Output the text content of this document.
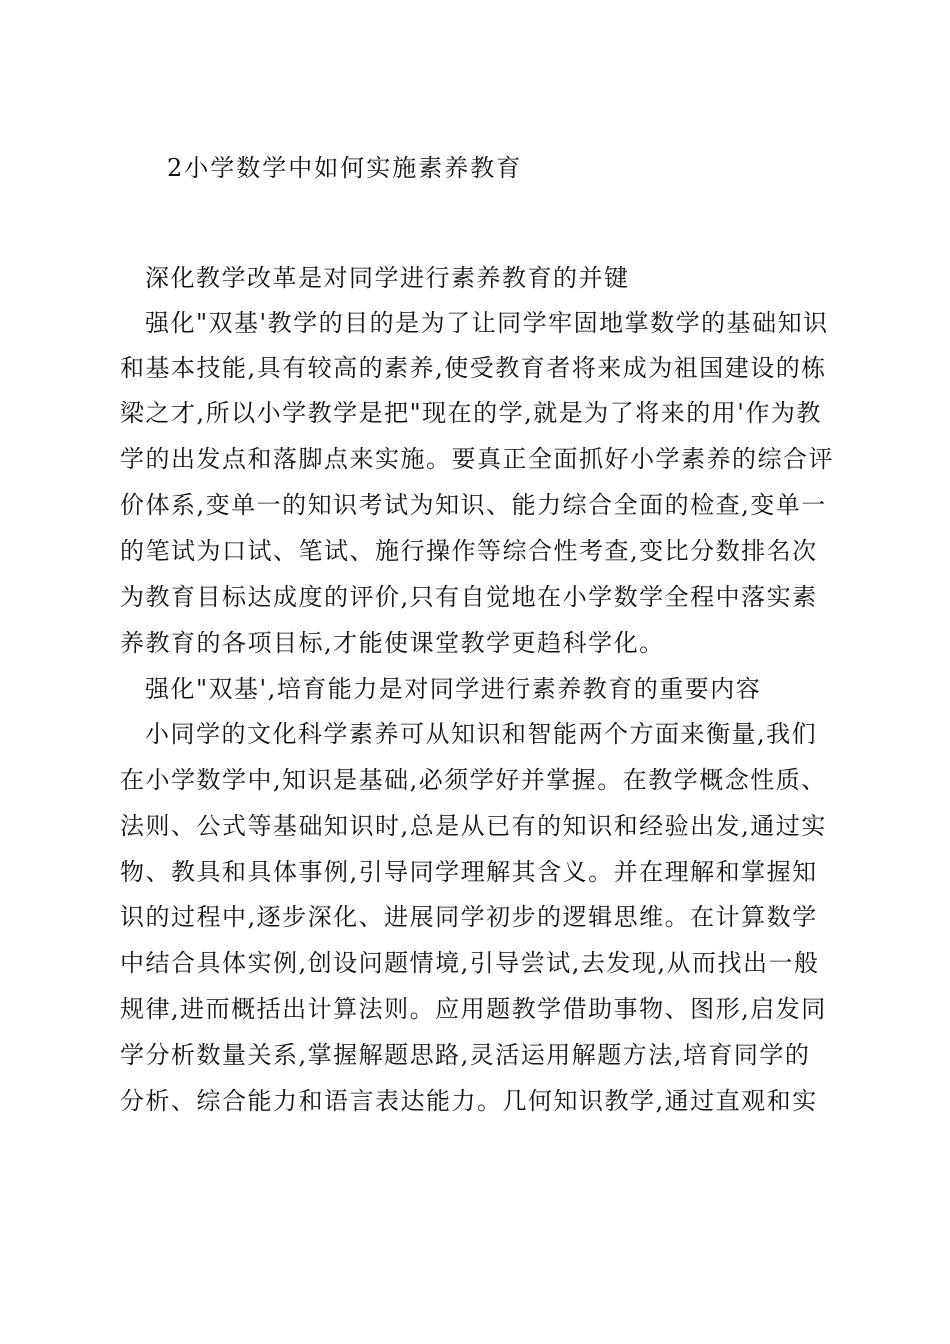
2小学数学中如何实施素养教育
深化教学改革是对同学进行素养教育的并键
强化"双基'教学的目的是为了让同学牢固地掌数学的基础知识
和基本技能,具有较高的素养,使受教育者将来成为祖国建设的栋
梁之才,所以小学教学是把"现在的学,就是为了将来的用'作为教
学的出发点和落脚点来实施。要真正全面抓好小学素养的综合评
价体系,变单一的知识考试为知识、能力综合全面的检查,变单一
的笔试为口试、笔试、施行操作等综合性考查,变比分数排名次
为教育目标达成度的评价,只有自觉地在小学数学全程中落实素
养教育的各项目标,才能使课堂教学更趋科学化。
强化"双基',培育能力是对同学进行素养教育的重要内容
小同学的文化科学素养可从知识和智能两个方面来衡量,我们
在小学数学中,知识是基础,必须学好并掌握。在教学概念性质、
法则、公式等基础知识时,总是从已有的知识和经验出发,通过实
物、教具和具体事例,引导同学理解其含义。并在理解和掌握知
识的过程中,逐步深化、进展同学初步的逻辑思维。在计算数学
中结合具体实例,创设问题情境,引导尝试,去发现,从而找出一般
规律,进而概括出计算法则。应用题教学借助事物、图形,启发同
学分析数量关系,掌握解题思路,灵活运用解题方法,培育同学的
分析、综合能力和语言表达能力。几何知识教学,通过直观和实
